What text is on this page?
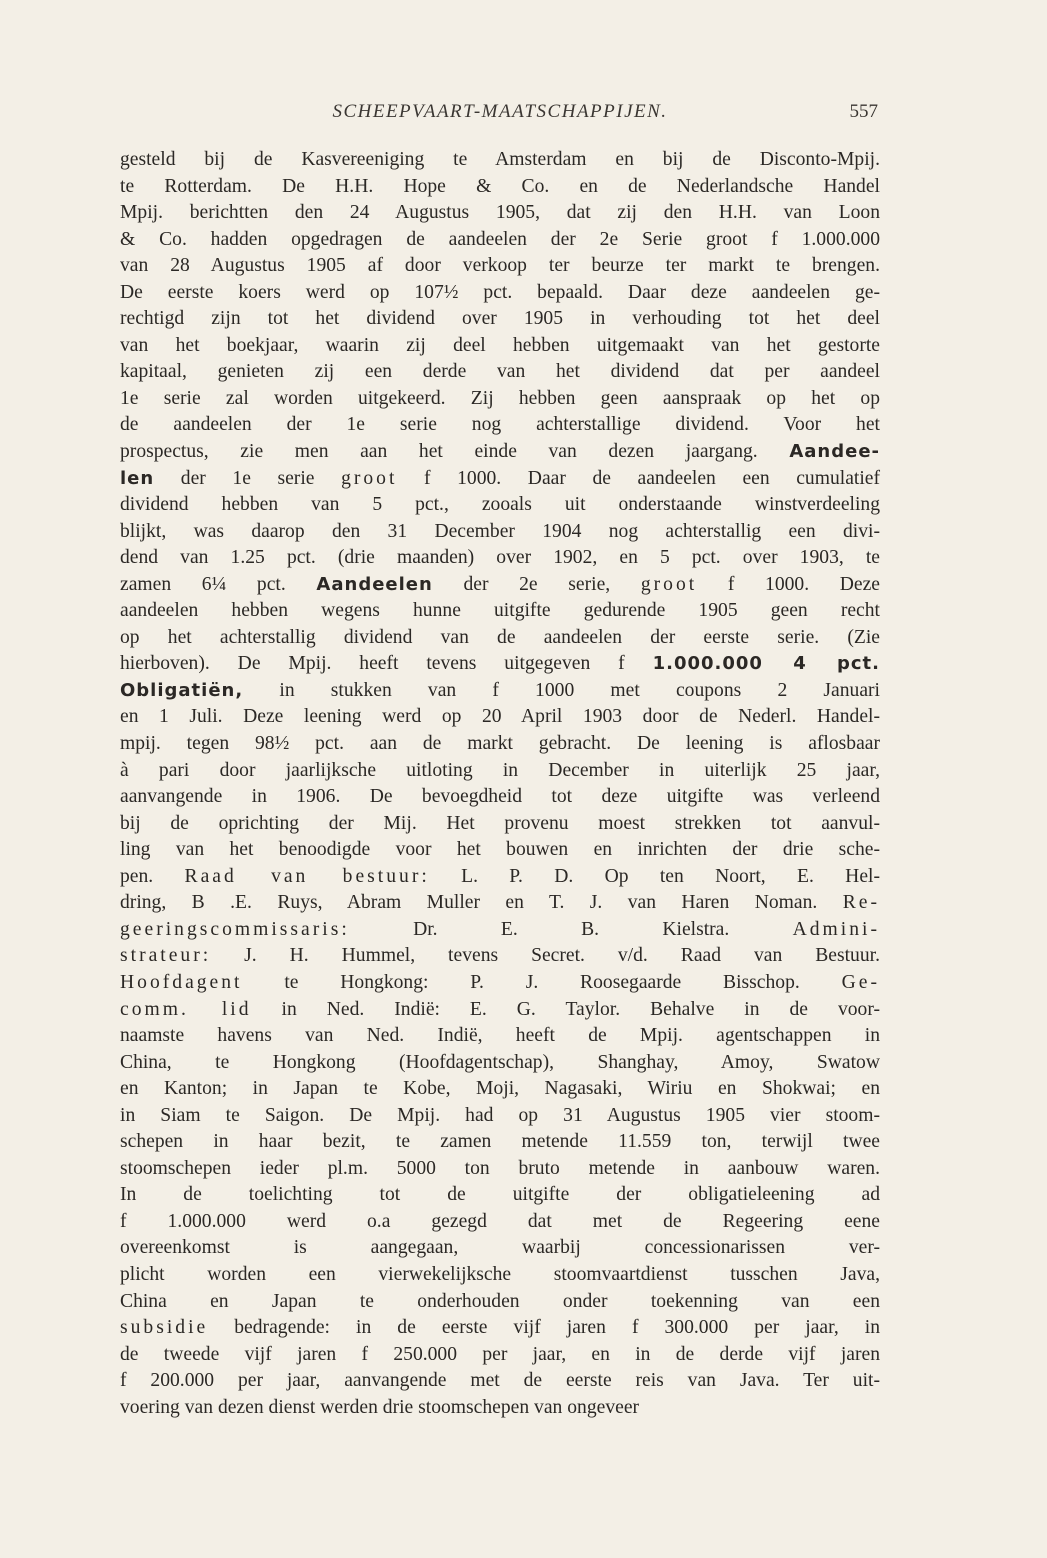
SCHEEPVAART-MAATSCHAPPIJEN.	557
gesteld bij de Kasvereeniging te Amsterdam en bij de Disconto-Mpij.
te Rotterdam. De H.H. Hope & Co. en de Nederlandsche Handel
Mpij. berichtten den 24 Augustus 1905, dat zij den H.H. van Loon
& Co. hadden opgedragen de aandeelen der 2e Serie groot f 1.000.000
van 28 Augustus 1905 af door verkoop ter beurze ter markt te brengen.
De eerste koers werd op 107½ pct. bepaald. Daar deze aandeelen ge-
rechtigd zijn tot het dividend over 1905 in verhouding tot het deel
van het boekjaar, waarin zij deel hebben uitgemaakt van het gestorte
kapitaal, genieten zij een derde van het dividend dat per aandeel
1e serie zal worden uitgekeerd. Zij hebben geen aanspraak op het op
de aandeelen der 1e serie nog achterstallige dividend. Voor het
prospectus, zie men aan het einde van dezen jaargang. Aandee-
len der 1e serie groot f 1000. Daar de aandeelen een cumulatief
dividend hebben van 5 pct., zooals uit onderstaande winstverdeeling
blijkt, was daarop den 31 December 1904 nog achterstallig een divi-
dend van 1.25 pct. (drie maanden) over 1902, en 5 pct. over 1903, te
zamen 6¼ pct. Aandeelen der 2e serie, groot f 1000. Deze
aandeelen hebben wegens hunne uitgifte gedurende 1905 geen recht
op het achterstallig dividend van de aandeelen der eerste serie. (Zie
hierboven). De Mpij. heeft tevens uitgegeven f 1.000.000 4 pct.
Obligatiën, in stukken van f 1000 met coupons 2 Januari
en 1 Juli. Deze leening werd op 20 April 1903 door de Nederl. Handel-
mpij. tegen 98½ pct. aan de markt gebracht. De leening is aflosbaar
à pari door jaarlijksche uitloting in December in uiterlijk 25 jaar,
aanvangende in 1906. De bevoegdheid tot deze uitgifte was verleend
bij de oprichting der Mij. Het provenu moest strekken tot aanvul-
ling van het benoodigde voor het bouwen en inrichten der drie sche-
pen. Raad van bestuur: L. P. D. Op ten Noort, E. Hel-
dring, B .E. Ruys, Abram Muller en T. J. van Haren Noman. Re-
geeringscommissaris: Dr. E. B. Kielstra. Admini-
strateur: J. H. Hummel, tevens Secret. v/d. Raad van Bestuur.
Hoofdagent te Hongkong: P. J. Roosegaarde Bisschop. Ge-
comm. lid in Ned. Indië: E. G. Taylor. Behalve in de voor-
naamste havens van Ned. Indië, heeft de Mpij. agentschappen in
China, te Hongkong (Hoofdagentschap), Shanghay, Amoy, Swatow
en Kanton; in Japan te Kobe, Moji, Nagasaki, Wiriu en Shokwai; en
in Siam te Saigon. De Mpij. had op 31 Augustus 1905 vier stoom-
schepen in haar bezit, te zamen metende 11.559 ton, terwijl twee
stoomschepen ieder pl.m. 5000 ton bruto metende in aanbouw waren.
In de toelichting tot de uitgifte der obligatieleening ad
f 1.000.000 werd o.a gezegd dat met de Regeering eene
overeenkomst is aangegaan, waarbij concessionarissen ver-
plicht worden een vierwekelijksche stoomvaartdienst tusschen Java,
China en Japan te onderhouden onder toekenning van een
subsidie bedragende: in de eerste vijf jaren f 300.000 per jaar, in
de tweede vijf jaren f 250.000 per jaar, en in de derde vijf jaren
f 200.000 per jaar, aanvangende met de eerste reis van Java. Ter uit-
voering van dezen dienst werden drie stoomschepen van ongeveer
